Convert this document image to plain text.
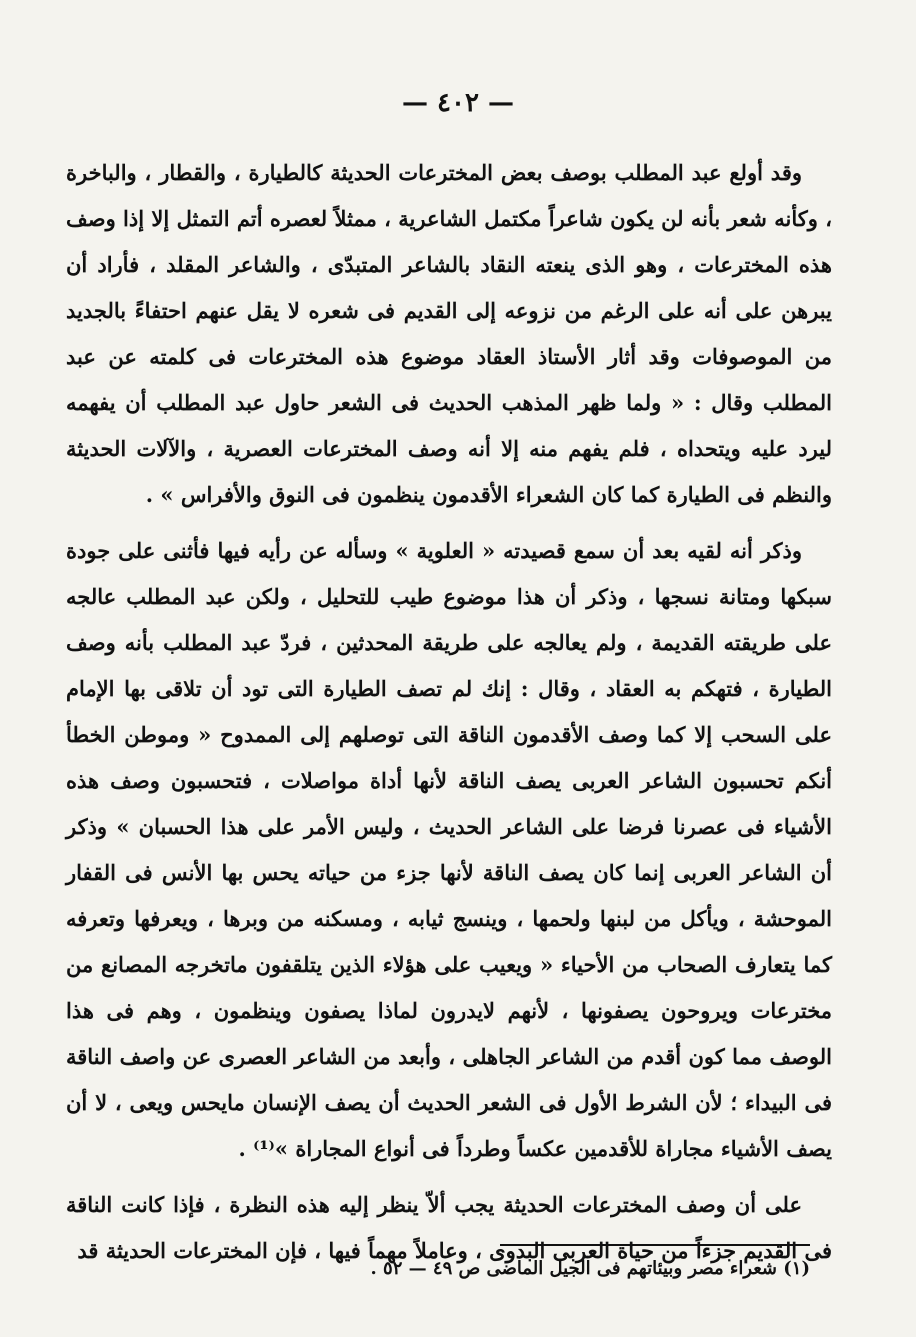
— ٤٠٢ —

وقد أولع عبد المطلب بوصف بعض المخترعات الحديثة كالطيارة ، والقطار ، والباخرة ، وكأنه شعر بأنه لن يكون شاعراً مكتمل الشاعرية ، ممثلاً لعصره أتم التمثل إلا إذا وصف هذه المخترعات ، وهو الذى ينعته النقاد بالشاعر المتبدّى ، والشاعر المقلد ، فأراد أن يبرهن على أنه على الرغم من نزوعه إلى القديم فى شعره لا يقل عنهم احتفاءً بالجديد من الموصوفات وقد أثار الأستاذ العقاد موضوع هذه المخترعات فى كلمته عن عبد المطلب وقال : « ولما ظهر المذهب الحديث فى الشعر حاول عبد المطلب أن يفهمه ليرد عليه ويتحداه ، فلم يفهم منه إلا أنه وصف المخترعات العصرية ، والآلات الحديثة والنظم فى الطيارة كما كان الشعراء الأقدمون ينظمون فى النوق والأفراس » .

وذكر أنه لقيه بعد أن سمع قصيدته « العلوية » وسأله عن رأيه فيها فأثنى على جودة سبكها ومتانة نسجها ، وذكر أن هذا موضوع طيب للتحليل ، ولكن عبد المطلب عالجه على طريقته القديمة ، ولم يعالجه على طريقة المحدثين ، فردّ عبد المطلب بأنه وصف الطيارة ، فتهكم به العقاد ، وقال : إنك لم تصف الطيارة التى تود أن تلاقى بها الإمام على السحب إلا كما وصف الأقدمون الناقة التى توصلهم إلى الممدوح « وموطن الخطأ أنكم تحسبون الشاعر العربى يصف الناقة لأنها أداة مواصلات ، فتحسبون وصف هذه الأشياء فى عصرنا فرضا على الشاعر الحديث ، وليس الأمر على هذا الحسبان » وذكر أن الشاعر العربى إنما كان يصف الناقة لأنها جزء من حياته يحس بها الأنس فى القفار الموحشة ، ويأكل من لبنها ولحمها ، وينسج ثيابه ، ومسكنه من وبرها ، ويعرفها وتعرفه كما يتعارف الصحاب من الأحياء « ويعيب على هؤلاء الذين يتلقفون ماتخرجه المصانع من مخترعات ويروحون يصفونها ، لأنهم لايدرون لماذا يصفون وينظمون ، وهم فى هذا الوصف مما كون أقدم من الشاعر الجاهلى ، وأبعد من الشاعر العصرى عن واصف الناقة فى البيداء ؛ لأن الشرط الأول فى الشعر الحديث أن يصف الإنسان مايحس ويعى ، لا أن يصف الأشياء مجاراة للأقدمين عكساً وطرداً فى أنواع المجاراة »⁽¹⁾ .

على أن وصف المخترعات الحديثة يجب ألاّ ينظر إليه هذه النظرة ، فإذا كانت الناقة فى القديم جزءاً من حياة العربى البدوى ، وعاملاً مهماً فيها ، فإن المخترعات الحديثة قد

(١) شعراء مصر وبيئاتهم فى الجيل الماضى ص ٤٩ — ٥٢ .
